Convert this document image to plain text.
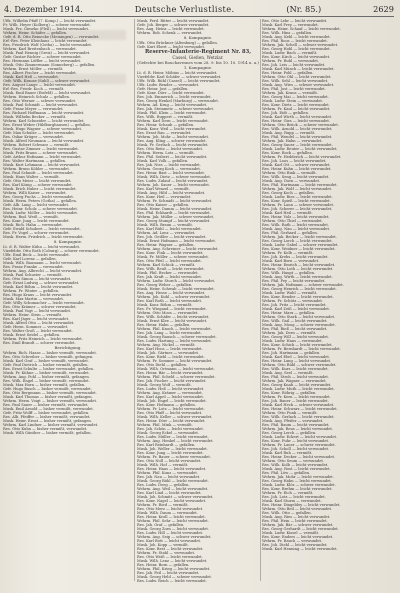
4. Dezember 1914.	Deutsche Verlustliste.	(Nr. 85.)	2629
Uffz. Wilhelm Pfaff (7. Komp.) — leicht verwundet.
Fr. Wilh. Heyer (Kolberg) — schwer verwundet.
Musk. Frz. Gieseke (Pleß) — leicht verwundet.
Wehrm. Heinr. Schäfer — gefallen.
Gefr. d. R. Otto Reinecke (Meiningen) — verwundet.
Erf.-Res. Peter Kleinhans — leicht verwundet.
Res. Friedrich Wolf (Gotha) — leicht verwundet.
Wehrm. Karl Breitenbach — verwundet.
Musk. Paul Hennig (Greiz) — leicht verwundet.
Gefr. Gustav Richter — schwer verwundet.
Res. Hermann Löffler — leicht verwundet.
Musk. Otto Zimmermann (Sonneberg) — gefallen.
Wehrm. Ernst Möller — vermißt.
Res. Albert Fischer — leicht verwundet.
Musk. Karl Heß — verwundet.
Gefr. Wilh. Krause (Suhl) — schwer verwundet.
Res. August Lange — leicht verwundet.
Erf.-Res. Friedr. Koch — vermißt.
Musk. Emil Bauer (Eisfeld) — leicht verwundet.
Wehrm. Heinrich Schulz — gefallen.
Res. Otto Werner — schwer verwundet.
Musk. Paul Schmidt — leicht verwundet.
Gefr. Franz Meyer — verwundet.
Res. Richard Hoffmann — leicht verwundet.
Musk. Wilhelm Becker — vermißt.
Wehrm. Karl Schneider — leicht verwundet.
Res. Ernst Weber (Hildburghausen) — gefallen.
Musk. Hugo Wagner — schwer verwundet.
Gefr. Max Schulze — leicht verwundet.
Res. Oskar Krüger — verwundet.
Musk. Alfred Neumann — leicht verwundet.
Wehrm. Robert Schwarz — vermißt.
Res. Gustav Zimmer — leicht verwundet.
Musk. Fritz Braun — schwer verwundet.
Gefr. Arthur Hofmann — leicht verwundet.
Res. Walter Hartmann — gefallen.
Musk. Kurt Lehmann — leicht verwundet.
Wehrm. Bruno Köhler — verwundet.
Res. Paul Schmitt — leicht verwundet.
Musk. Hans Walter — vermißt.
Gefr. Otto Meier — leicht verwundet.
Res. Karl König — schwer verwundet.
Musk. Erich Huber — leicht verwundet.
Wehrm. Willi Kaiser — verwundet.
Res. Georg Fuchs — leicht verwundet.
Musk. Herm. Peters (Gotha) — gefallen.
Gefr. Alb. Lang — leicht verwundet.
Res. Heinr. Scholz — schwer verwundet.
Musk. Ludw. Möller — leicht verwundet.
Wehrm. Rud. Weiß — vermißt.
Res. Konr. Jung — leicht verwundet.
Musk. Rich. Hahn — verwundet.
Gefr. Ewald Schubert — leicht verwundet.
Res. Fr. Vogel — schwer verwundet.
Musk. Herm. Friedrich — leicht verwundet.
8. Kompagnie.
Lt. d. R. Walter Kühn — leicht verwundet.
Vizefeldw. Otto Roth (Coburg) — schwer verwundet.
Uffz. Emil Beck — leicht verwundet.
Gefr. Karl Lorenz — gefallen.
Musk. Wilh. Baumann — leicht verwundet.
Res. Franz Franke — verwundet.
Wehrm. Aug. Albrecht — leicht verwundet.
Musk. Paul Schuster — vermißt.
Res. Otto Simon — leicht verwundet.
Gefr. Ernst Ludwig — schwer verwundet.
Musk. Karl Böhm — leicht verwundet.
Wehrm. Fr. Winter — gefallen.
Res. Hugo Kraus — leicht verwundet.
Musk. Max Martin — verwundet.
Gefr. Willy Schumacher — leicht verwundet.
Res. Otto Krämer — schwer verwundet.
Musk. Paul Vogt — leicht verwundet.
Wehrm. Heinr. Stein — vermißt.
Res. Karl Jäger — leicht verwundet.
Musk. Alfred Otto — leicht verwundet.
Gefr. Herm. Sommer — verwundet.
Res. Walter Groß — leicht verwundet.
Musk. Ernst Seidel — gefallen.
Wehrm. Fritz Heinrich — leicht verwundet.
Res. Emil Brandt — schwer verwundet.
Berichtigung.
Wehrm. Rich. Haase — bisher vermißt, verwundet.
Res. Otto Schreiber — bisher vermißt, gefangen.
Musk. Karl Graf — bisher vermißt, verwundet.
Gefr. Paul Dietrich — bisher vermißt, gefallen.
Res. Ernst Schulte — bisher verwundet, gefallen.
Musk. Fr. Kühne — bisher vermißt, verwundet.
Wehrm. Aug. Pohl — bisher vermißt, gefangen.
Res. Wilh. Engel — bisher vermißt, verwundet.
Musk. Max Horn — bisher vermißt, gefallen.
Gefr. Hugo Busch — bisher vermißt, verwundet.
Res. Otto Bergmann — bisher vermißt, verwundet.
Musk. Karl Thomas — bisher vermißt, gefangen.
Wehrm. Herm. Voigt — bisher vermißt, verwundet.
Res. Paul Sauer — bisher vermißt, verwundet.
Musk. Emil Arnold — bisher vermißt, verwundet.
Gefr. Fritz Wolff — bisher verwundet, gefallen.
Res. Alb. Pfeiffer — bisher vermißt, verwundet.
Musk. Heinr. Ernst — bisher vermißt, gefangen.
Wehrm. Karl Lindner — bisher vermißt, verwundet.
Res. Otto Kuhn — bisher vermißt, verwundet.
Musk. Willi Günther — bisher vermißt, gefallen.
Musk. Ferd. Ritter — leicht verwundet.
Gefr. Joh. Berger — schwer verwundet.
Res. Aug. Heinz — leicht verwundet.
Wehrm. Rob. Schenk — verwundet.
8. Kompagnie.
Uffz. Otto Brückner (Altenburg) — gefallen.
Gefr. Kurt Ebert — leicht verwundet.
Reserve-Infanterie-Regiment Nr. 83,
Cassel, Gießen, Wetzlar.
(Gefechte bei Bouchavesnes vom 28. 9. bis 10. 10. 1914 u. a.)
1. Kompagnie.
Lt. d. R. Heinr. Möbius — leicht verwundet.
Vizefeldw. Karl Schäfer — schwer verwundet.
Uffz. Wilh. Rühl (Cassel) — leicht verwundet.
Uffz. Ludw. Bender — verwundet.
Gefr. Heinr. Jost — gefallen.
Gefr. Konr. Dörr — leicht verwundet.
Res. Joh. Emmerich — leicht verwundet.
Res. Georg Henkel (Marburg) — verwundet.
Wehrm. Ad. Krug — leicht verwundet.
Res. Jak. Steinmetz — schwer verwundet.
Musk. Phil. Klein — leicht verwundet.
Res. Wilh. Ruppert — vermißt.
Wehrm. Karl Dern — leicht verwundet.
Res. Heinr. Schaub — gefallen.
Musk. Konr. Weil — leicht verwundet.
Res. Ernst Rau — verwundet.
Wehrm. Joh. Mohr — leicht verwundet.
Res. Aug. Kling — schwer verwundet.
Musk. Fr. Gerlach — leicht verwundet.
Res. Otto Reitz — leicht verwundet.
Wehrm. Herm. Lotz — vermißt.
Res. Phil. Seibert — leicht verwundet.
Musk. Karl Volk — gefallen.
Res. Jak. Nies — leicht verwundet.
Wehrm. Georg Koch — verwundet.
Res. Heinr. Bast — leicht verwundet.
Musk. Wilh. Dietz — schwer verwundet.
Res. Ludw. Zulauf — leicht verwundet.
Wehrm. Joh. Sauer — leicht verwundet.
Res. Karl Wenzel — vermißt.
Musk. Aug. Hild — leicht verwundet.
Res. Konr. Heil — verwundet.
Wehrm. Fr. Schmidt — leicht verwundet.
Res. Otto Kaiser — gefallen.
Musk. Heinr. Damm — leicht verwundet.
Res. Phil. Eckhardt — leicht verwundet.
Wehrm. Jak. Müller — schwer verwundet.
Res. Georg Stumpf — leicht verwundet.
Musk. Wilh. Braun — vermißt.
Res. Karl Rühl — leicht verwundet.
Wehrm. Ad. Lenz — verwundet.
Res. Joh. Geißler — leicht verwundet.
Musk. Ernst Hofmann — leicht verwundet.
Res. Heinr. Wagner — gefallen.
Wehrm. Aug. Schreiner — leicht verwundet.
Res. Konr. Fink — leicht verwundet.
Musk. Fr. Möller — schwer verwundet.
Res. Otto Pfeil — leicht verwundet.
Wehrm. Karl Schick — vermißt.
Res. Wilh. Reuß — leicht verwundet.
Musk. Phil. Becker — verwundet.
Res. Jak. Kraft — leicht verwundet.
Wehrm. Ludw. Storch — leicht verwundet.
Res. Georg Weber — gefallen.
Musk. Heinr. Schwab — leicht verwundet.
Res. Aug. Hesse — leicht verwundet.
Wehrm. Joh. Kuhl — schwer verwundet.
Res. Karl Roth — leicht verwundet.
Musk. Konr. Böhm — vermißt.
Res. Fr. Wiegand — leicht verwundet.
Wehrm. Otto Moos — verwundet.
Res. Wilh. Schäfer — leicht verwundet.
Musk. Ernst Klee — leicht verwundet.
Res. Heinr. Hahn — gefallen.
Wehrm. Phil. Knoch — leicht verwundet.
Res. Jak. Lang — leicht verwundet.
Musk. Georg Rausch — schwer verwundet.
Res. Ludw. Hartung — leicht verwundet.
Wehrm. Aug. Nickel — vermißt.
Res. Karl Hoos — leicht verwundet.
Musk. Joh. Gärtner — verwundet.
Res. Konr. Riehl — leicht verwundet.
Wehrm. Fr. Sommer — leicht verwundet.
Res. Otto Diehl — gefallen.
Musk. Wilh. Ortmann — leicht verwundet.
Res. Heinr. Bär — leicht verwundet.
Wehrm. Phil. Scheld — schwer verwundet.
Res. Jak. Fischer — leicht verwundet.
Musk. Georg Wolf — vermißt.
Res. Ludw. Heß — leicht verwundet.
Wehrm. Aug. Krämer — verwundet.
Res. Karl Appel — leicht verwundet.
Musk. Joh. Engel — leicht verwundet.
Res. Konr. Hofmann — gefallen.
Wehrm. Fr. Lotz — leicht verwundet.
Res. Otto Pfaff — leicht verwundet.
Musk. Wilh. Keller — schwer verwundet.
Res. Heinr. Dörr — leicht verwundet.
Wehrm. Phil. Mink — vermißt.
Res. Jak. Schön — leicht verwundet.
Musk. Georg Eckel — verwundet.
Res. Ludw. Müller — leicht verwundet.
Wehrm. Aug. Henkel — leicht verwundet.
Res. Karl Reinhardt — gefallen.
Musk. Joh. Weller — leicht verwundet.
Res. Konr. Jung — leicht verwundet.
Wehrm. Fr. Bauer — schwer verwundet.
Res. Otto Noll — leicht verwundet.
Musk. Wilh. Hof — vermißt.
Res. Heinr. Haas — leicht verwundet.
Wehrm. Phil. Kunz — verwundet.
Res. Jak. Nau — leicht verwundet.
Musk. Georg Rühl — leicht verwundet.
Res. Ludw. Deeg — gefallen.
Wehrm. Aug. Weil — leicht verwundet.
Res. Karl Lind — leicht verwundet.
Musk. Joh. Schmitt — schwer verwundet.
Res. Konr. Nagel — leicht verwundet.
Wehrm. Fr. Ried — vermißt.
Res. Otto Merz — leicht verwundet.
Musk. Wilh. Daum — verwundet.
Res. Heinr. Kroll — leicht verwundet.
Wehrm. Phil. Sehr — leicht verwundet.
Res. Jak. Graf — gefallen.
Musk. Georg Zorn — leicht verwundet.
Res. Ludw. Hill — leicht verwundet.
Wehrm. Aug. Seip — schwer verwundet.
Res. Karl Bott — leicht verwundet.
Musk. Joh. Kopp — vermißt.
Res. Konr. Best — leicht verwundet.
Wehrm. Fr. Stahl — verwundet.
Res. Otto Weiß — leicht verwundet.
Musk. Wilh. Lenz — leicht verwundet.
Res. Heinr. Born — gefallen.
Wehrm. Phil. Krieg — leicht verwundet.
Res. Jak. Feil — leicht verwundet.
Musk. Georg Held — schwer verwundet.
Res. Ludw. Reich — leicht verwundet.
Res. Otto Lehr — leicht verwundet.
Musk. Karl Frey — verwundet.
Wehrm. Heinr. Schaaf — leicht verwundet.
Res. Wilh. Hinz — gefallen.
Musk. Aug. Kehl — leicht verwundet.
Res. Phil. Roos — leicht verwundet.
Wehrm. Jak. Schell — schwer verwundet.
Res. Georg Hohl — leicht verwundet.
Musk. Ludw. Bach — vermißt.
Res. Konr. Kirch — leicht verwundet.
Wehrm. Fr. Ruhl — verwundet.
Res. Joh. Leis — leicht verwundet.
Musk. Karl Münch — leicht verwundet.
Res. Heinr. Pohl — gefallen.
Wehrm. Otto Ohl — leicht verwundet.
Res. Wilh. Sehl — leicht verwundet.
Musk. Aug. Wies — schwer verwundet.
Res. Phil. Jost — leicht verwundet.
Wehrm. Jak. Kraus — vermißt.
Res. Georg Mai — leicht verwundet.
Musk. Ludw. Stein — verwundet.
Res. Konr. Dietz — leicht verwundet.
Wehrm. Fr. Kaul — leicht verwundet.
Res. Joh. Eidt — gefallen.
Musk. Karl Wirth — leicht verwundet.
Res. Heinr. Gies — leicht verwundet.
Wehrm. Otto Brück — schwer verwundet.
Res. Wilh. Arnold — leicht verwundet.
Musk. Aug. Rupp — vermißt.
Res. Phil. Wendel — leicht verwundet.
Wehrm. Jak. Hahn — verwundet.
Res. Georg Sauer — leicht verwundet.
Musk. Ludw. Reuter — leicht verwundet.
Res. Konr. Bock — gefallen.
Wehrm. Fr. Hedderich — leicht verwundet.
Res. Joh. Loos — leicht verwundet.
Musk. Karl Ott — schwer verwundet.
Res. Heinr. Kuhn — leicht verwundet.
Wehrm. Otto Rink — vermißt.
Res. Wilh. Seng — leicht verwundet.
Musk. Aug. Dorn — verwundet.
Res. Phil. Hartmann — leicht verwundet.
Wehrm. Jak. Wolf — leicht verwundet.
Res. Georg Koch — gefallen.
Musk. Ludw. Ries — leicht verwundet.
Res. Konr. Spieß — leicht verwundet.
Wehrm. Fr. Laun — schwer verwundet.
Res. Joh. Scherer — leicht verwundet.
Musk. Karl Heil — vermißt.
Res. Heinr. Volz — leicht verwundet.
Wehrm. Otto Thiel — verwundet.
Res. Wilh. Ruth — leicht verwundet.
Musk. Aug. Nau — leicht verwundet.
Res. Phil. Gerhard — gefallen.
Wehrm. Jak. Becker — leicht verwundet.
Res. Georg Lorch — leicht verwundet.
Musk. Ludw. Gabel — schwer verwundet.
Res. Konr. Weidner — leicht verwundet.
Wehrm. Fr. Kolb — vermißt.
Res. Joh. Krebs — leicht verwundet.
Musk. Karl Born — verwundet.
Res. Heinr. Emrich — leicht verwundet.
Wehrm. Otto Loth — leicht verwundet.
Res. Wilh. Haupt — gefallen.
Musk. Aug. Wirth — leicht verwundet.
Res. Phil. Fey — leicht verwundet.
Wehrm. Jak. Hofmann — schwer verwundet.
Res. Georg Henrich — leicht verwundet.
Musk. Ludw. Wahl — vermißt.
Res. Konr. Bender — leicht verwundet.
Wehrm. Fr. Schütz — verwundet.
Res. Joh. Fritz — leicht verwundet.
Musk. Karl Zeiß — leicht verwundet.
Res. Heinr. Marx — gefallen.
Wehrm. Otto Stark — leicht verwundet.
Res. Wilh. Gail — leicht verwundet.
Musk. Aug. Moog — schwer verwundet.
Res. Phil. Rieß — leicht verwundet.
Wehrm. Jak. Dern — vermißt.
Res. Georg Will — leicht verwundet.
Musk. Ludw. Haas — verwundet.
Res. Konr. Schick — leicht verwundet.
Wehrm. Fr. Bernhardt — leicht verwundet.
Res. Joh. Hartmann — gefallen.
Musk. Karl Ebel — leicht verwundet.
Res. Heinr. Lang — leicht verwundet.
Wehrm. Otto Rühl — schwer verwundet.
Res. Wilh. Kurz — leicht verwundet.
Musk. Aug. Seel — vermißt.
Res. Phil. Stroh — leicht verwundet.
Wehrm. Jak. Wagner — verwundet.
Res. Georg Knab — leicht verwundet.
Musk. Ludw. Muth — leicht verwundet.
Res. Konr. Röhrig — gefallen.
Wehrm. Fr. Kern — leicht verwundet.
Res. Joh. Bauer — leicht verwundet.
Musk. Karl Heck — schwer verwundet.
Res. Heinr. Schwarz — leicht verwundet.
Wehrm. Otto Funk — vermißt.
Res. Wilh. Gerlach — leicht verwundet.
Musk. Aug. Pfeifer — verwundet.
Res. Phil. Baum — leicht verwundet.
Wehrm. Jak. Reus — leicht verwundet.
Res. Georg Lerch — gefallen.
Musk. Ludw. Eckert — leicht verwundet.
Res. Konr. Fuhr — leicht verwundet.
Wehrm. Fr. Lauer — schwer verwundet.
Res. Joh. Scholl — leicht verwundet.
Musk. Karl Ruh — vermißt.
Res. Heinr. Decker — leicht verwundet.
Wehrm. Otto Seum — verwundet.
Res. Wilh. Kolb — leicht verwundet.
Musk. Aug. Rost — leicht verwundet.
Res. Phil. Löw — gefallen.
Wehrm. Jak. Mohr — leicht verwundet.
Res. Georg Hahn — leicht verwundet.
Musk. Ludw. Klös — schwer verwundet.
Res. Konr. Brehm — leicht verwundet.
Wehrm. Fr. Eich — vermißt.
Res. Joh. Lotz — leicht verwundet.
Musk. Karl Sturm — verwundet.
Res. Heinr. Dingeldey — leicht verwundet.
Wehrm. Otto Beil — leicht verwundet.
Res. Wilh. Otto — gefallen.
Musk. Aug. Ries — leicht verwundet.
Res. Phil. Hein — leicht verwundet.
Wehrm. Jak. Bär — schwer verwundet.
Res. Georg Gerhardt — leicht verwundet.
Musk. Ludw. Kissel — vermißt.
Res. Konr. Enders — leicht verwundet.
Wehrm. Fr. Rauch — verwundet.
Res. Joh. Diehl — leicht verwundet.
Musk. Karl Henning — leicht verwundet.
